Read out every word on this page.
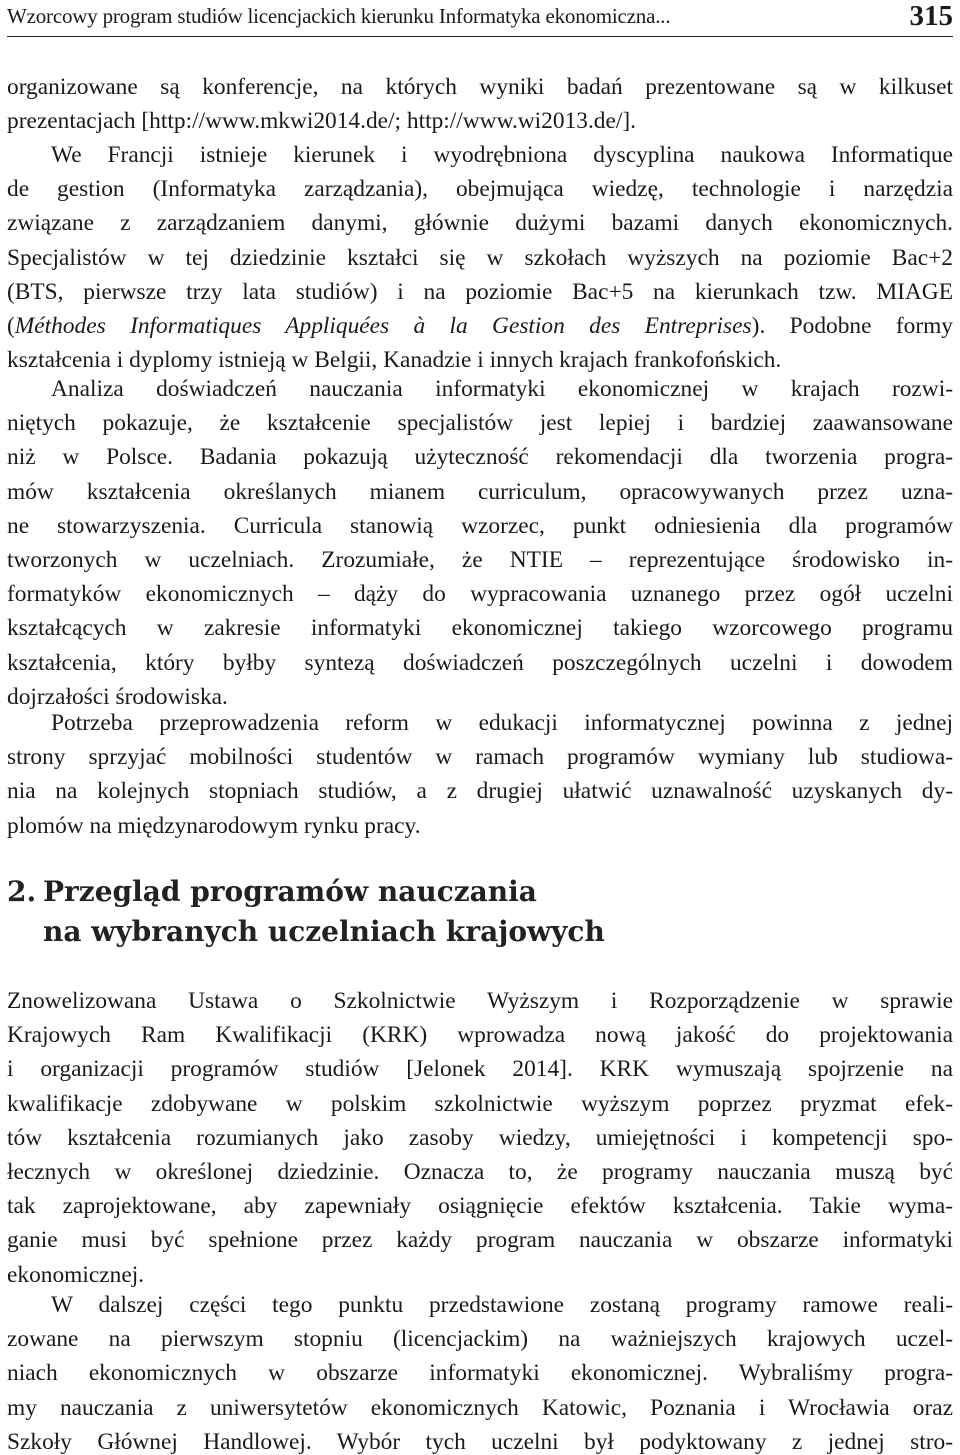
Wzorcowy program studiów licencjackich kierunku Informatyka ekonomiczna...	315

organizowane są konferencje, na których wyniki badań prezentowane są w kilkuset
prezentacjach [http://www.mkwi2014.de/; http://www.wi2013.de/].

We Francji istnieje kierunek i wyodrębniona dyscyplina naukowa Informatique
de gestion (Informatyka zarządzania), obejmująca wiedzę, technologie i narzędzia
związane z zarządzaniem danymi, głównie dużymi bazami danych ekonomicznych.
Specjalistów w tej dziedzinie kształci się w szkołach wyższych na poziomie Bac+2
(BTS, pierwsze trzy lata studiów) i na poziomie Bac+5 na kierunkach tzw. MIAGE
(Méthodes Informatiques Appliquées à la Gestion des Entreprises). Podobne formy
kształcenia i dyplomy istnieją w Belgii, Kanadzie i innych krajach frankofońskich.

Analiza doświadczeń nauczania informatyki ekonomicznej w krajach rozwi-
niętych pokazuje, że kształcenie specjalistów jest lepiej i bardziej zaawansowane
niż w Polsce. Badania pokazują użyteczność rekomendacji dla tworzenia progra-
mów kształcenia określanych mianem curriculum, opracowywanych przez uzna-
ne stowarzyszenia. Curricula stanowią wzorzec, punkt odniesienia dla programów
tworzonych w uczelniach. Zrozumiałe, że NTIE – reprezentujące środowisko in-
formatyków ekonomicznych – dąży do wypracowania uznanego przez ogół uczelni
kształcących w zakresie informatyki ekonomicznej takiego wzorcowego programu
kształcenia, który byłby syntezą doświadczeń poszczególnych uczelni i dowodem
dojrzałości środowiska.

Potrzeba przeprowadzenia reform w edukacji informatycznej powinna z jednej
strony sprzyjać mobilności studentów w ramach programów wymiany lub studiowa-
nia na kolejnych stopniach studiów, a z drugiej ułatwić uznawalność uzyskanych dy-
plomów na międzynarodowym rynku pracy.

2. Przegląd programów nauczania
na wybranych uczelniach krajowych

Znowelizowana Ustawa o Szkolnictwie Wyższym i Rozporządzenie w sprawie
Krajowych Ram Kwalifikacji (KRK) wprowadza nową jakość do projektowania
i organizacji programów studiów [Jelonek 2014]. KRK wymuszają spojrzenie na
kwalifikacje zdobywane w polskim szkolnictwie wyższym poprzez pryzmat efek-
tów kształcenia rozumianych jako zasoby wiedzy, umiejętności i kompetencji spo-
łecznych w określonej dziedzinie. Oznacza to, że programy nauczania muszą być
tak zaprojektowane, aby zapewniały osiągnięcie efektów kształcenia. Takie wyma-
ganie musi być spełnione przez każdy program nauczania w obszarze informatyki
ekonomicznej.

W dalszej części tego punktu przedstawione zostaną programy ramowe reali-
zowane na pierwszym stopniu (licencjackim) na ważniejszych krajowych uczel-
niach ekonomicznych w obszarze informatyki ekonomicznej. Wybraliśmy progra-
my nauczania z uniwersytetów ekonomicznych Katowic, Poznania i Wrocławia oraz
Szkoły Głównej Handlowej. Wybór tych uczelni był podyktowany z jednej stro-
